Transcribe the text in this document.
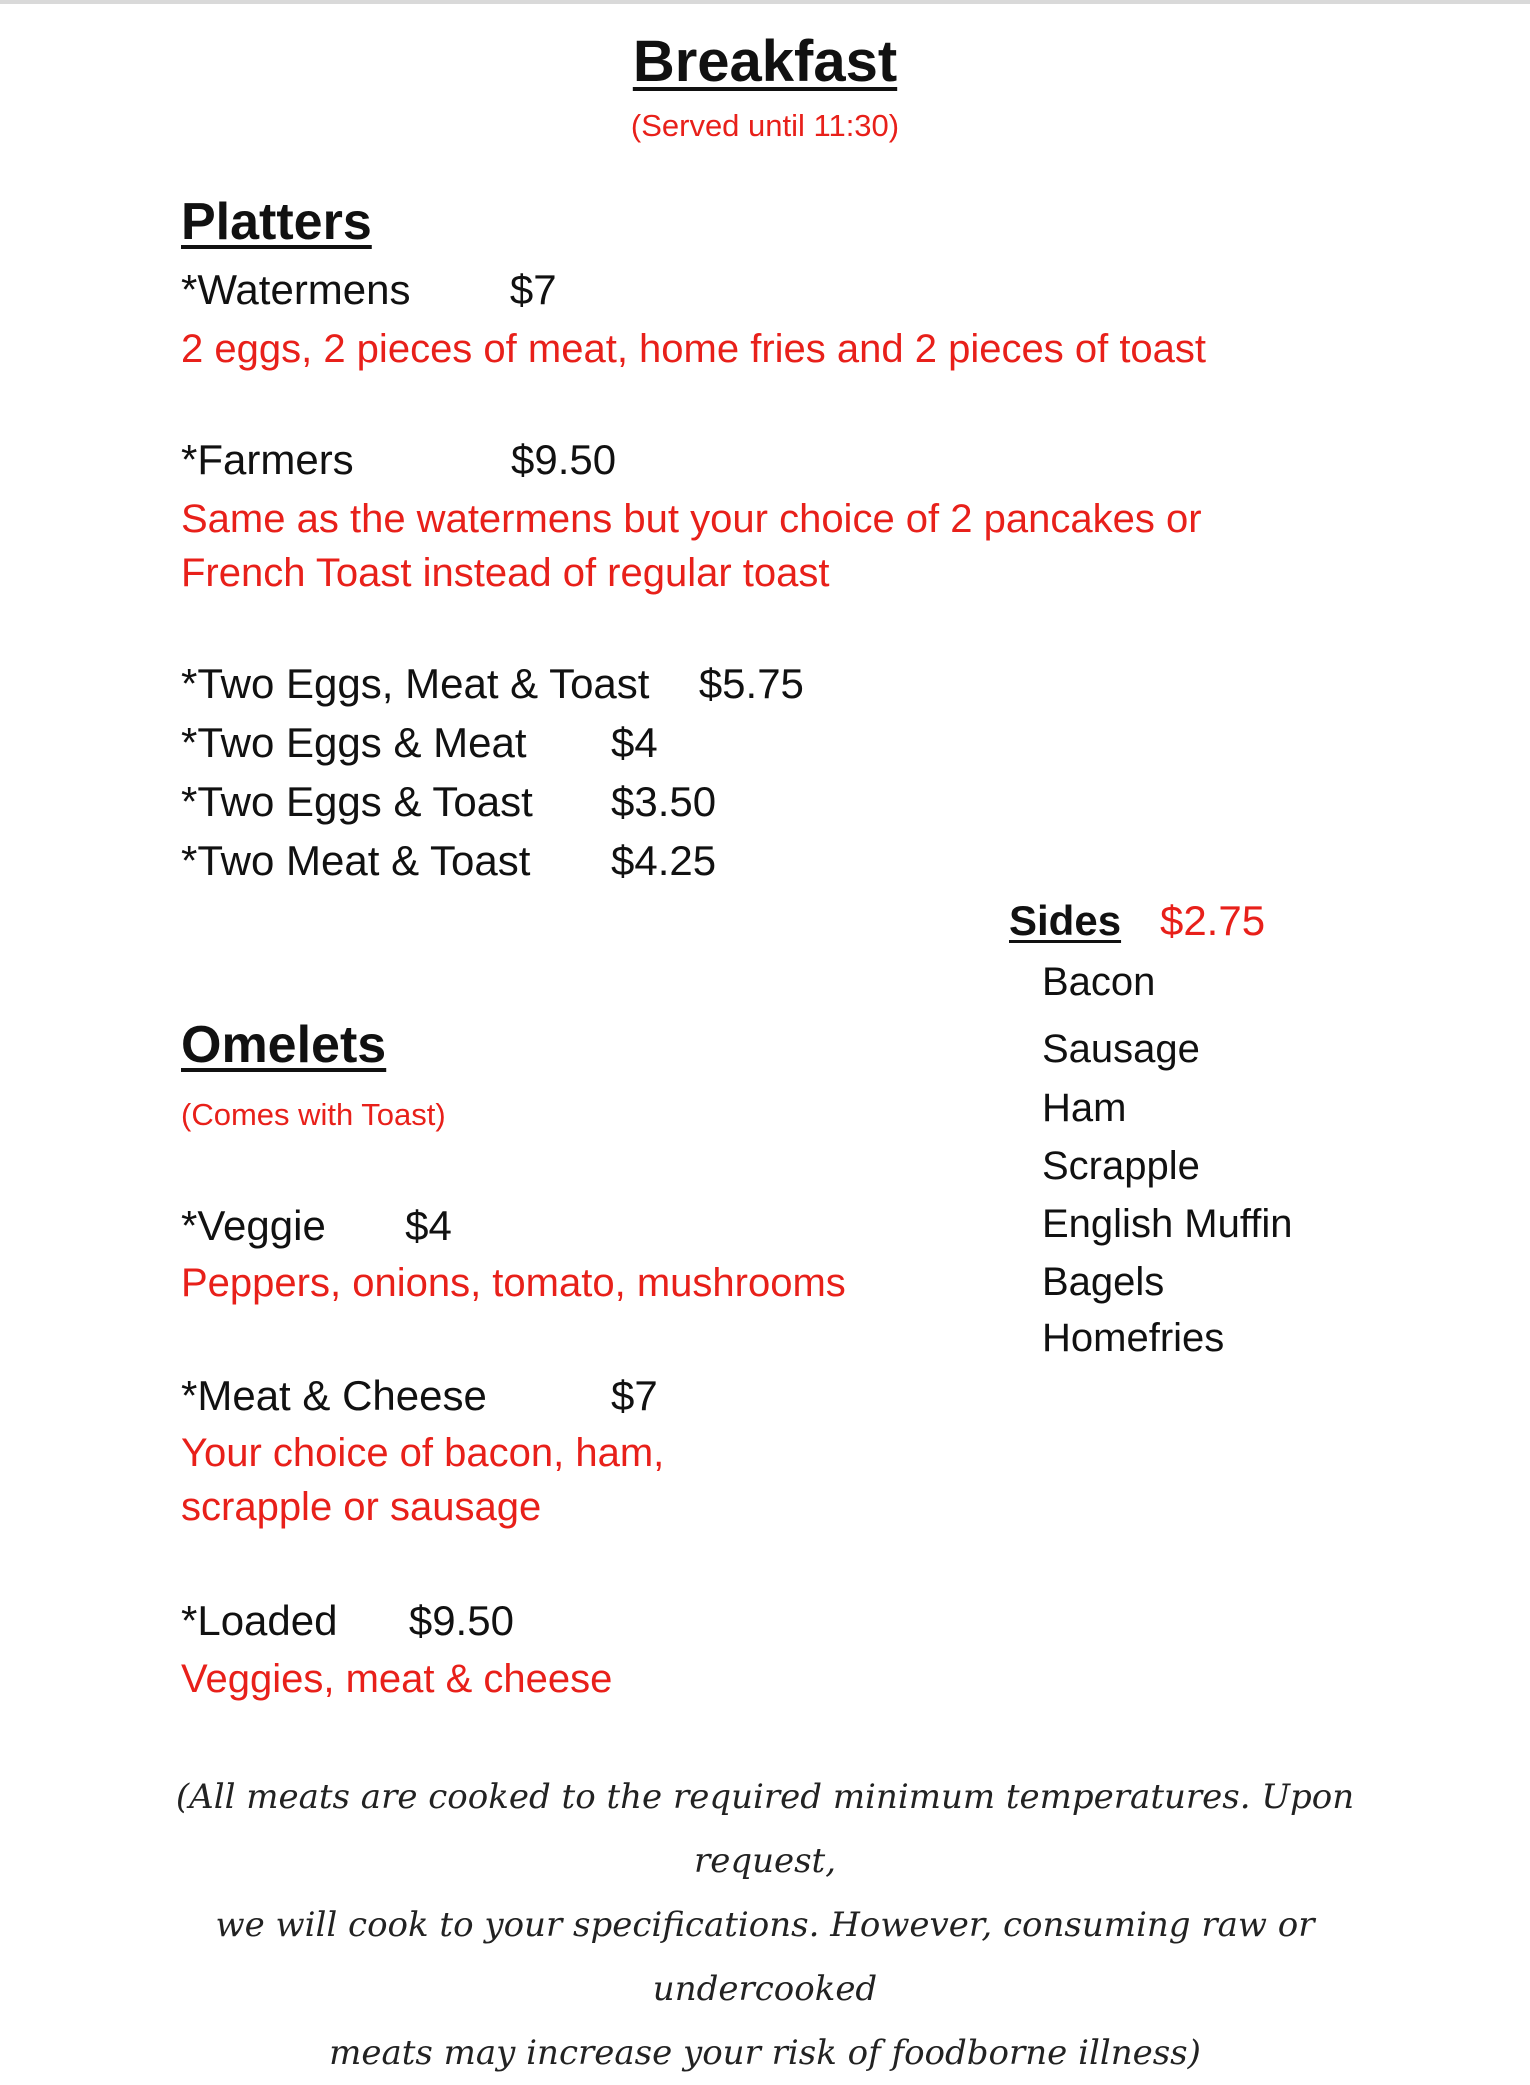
Breakfast
(Served until 11:30)
Platters
*Watermens $7
2 eggs, 2 pieces of meat, home fries and 2 pieces of toast
*Farmers	$9.50
Same as the watermens but your choice of 2 pancakes or
French Toast instead of regular toast
*Two Eggs, Meat & Toast $5.75
*Two Eggs & Meat $4
*Two Eggs & Toast $3.50
*Two Meat & Toast $4.25
Sides $2.75
Bacon
Sausage
Ham
Scrapple
English Muffin
Bagels
Homefries
Omelets
(Comes with Toast)
*Veggie $4
Peppers, onions, tomato, mushrooms
*Meat & Cheese	$7
Your choice of bacon, ham,
scrapple or sausage
*Loaded $9.50
Veggies, meat & cheese
(All meats are cooked to the required minimum temperatures. Upon request,
we will cook to your specifications. However, consuming raw or undercooked
meats may increase your risk of foodborne illness)
